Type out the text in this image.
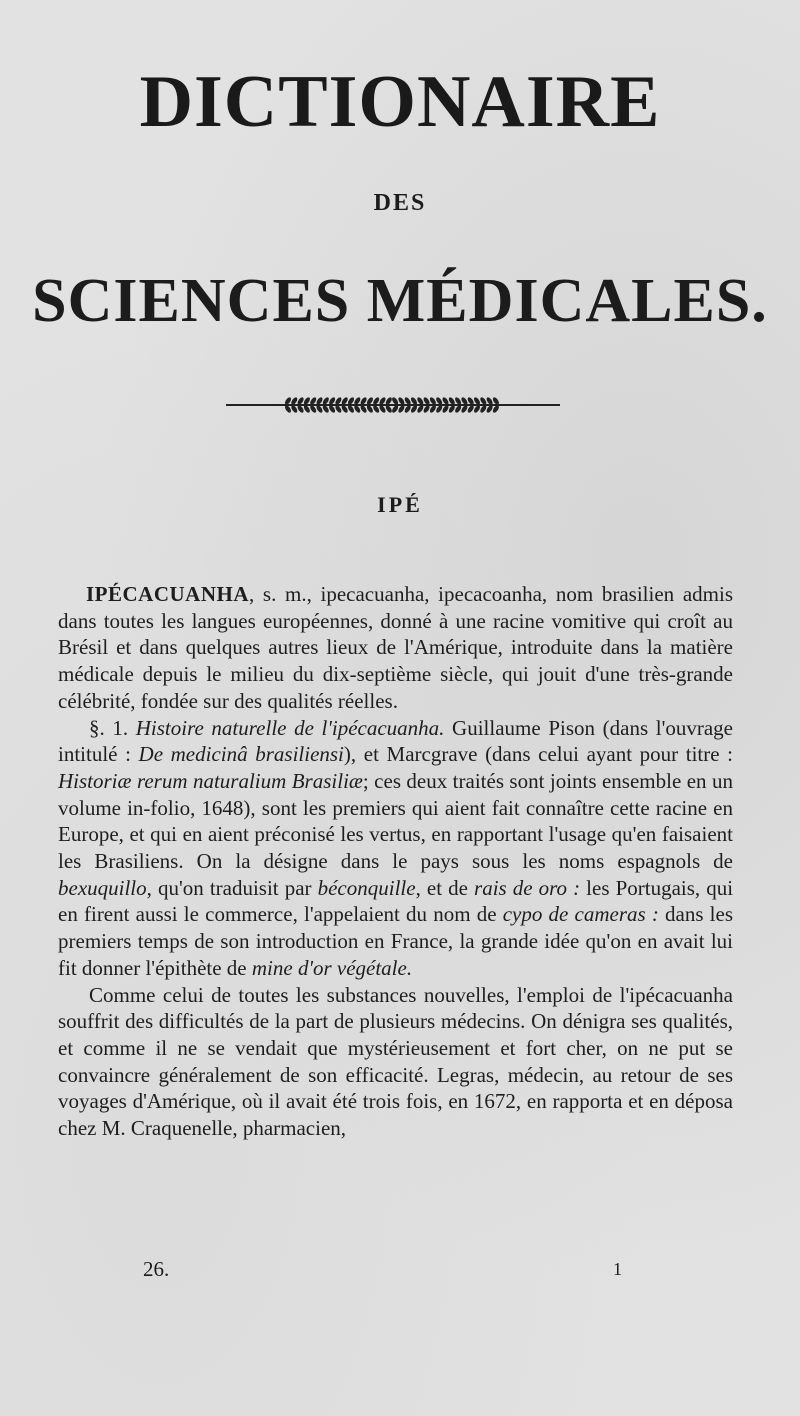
DICTIONAIRE
DES
SCIENCES MÉDICALES.
IPÉ

IPÉCACUANHA, s. m., ipecacuanha, ipecacoanha, nom brasilien admis dans toutes les langues européennes, donné à une racine vomitive qui croît au Brésil et dans quelques autres lieux de l'Amérique, introduite dans la matière médicale depuis le milieu du dix-septième siècle, qui jouit d'une très-grande célébrité, fondée sur des qualités réelles.

§. 1. Histoire naturelle de l'ipécacuanha. Guillaume Pison (dans l'ouvrage intitulé : De medicinâ brasiliensi), et Marcgrave (dans celui ayant pour titre : Historiæ rerum naturalium Brasiliæ; ces deux traités sont joints ensemble en un volume in-folio, 1648), sont les premiers qui aient fait connaître cette racine en Europe, et qui en aient préconisé les vertus, en rapportant l'usage qu'en faisaient les Brasiliens. On la désigne dans le pays sous les noms espagnols de bexuquillo, qu'on traduisit par béconquille, et de rais de oro : les Portugais, qui en firent aussi le commerce, l'appelaient du nom de cypo de cameras : dans les premiers temps de son introduction en France, la grande idée qu'on en avait lui fit donner l'épithète de mine d'or végétale.

Comme celui de toutes les substances nouvelles, l'emploi de l'ipécacuanha souffrit des difficultés de la part de plusieurs médecins. On dénigra ses qualités, et comme il ne se vendait que mystérieusement et fort cher, on ne put se convaincre généralement de son efficacité. Legras, médecin, au retour de ses voyages d'Amérique, où il avait été trois fois, en 1672, en rapporta et en déposa chez M. Craquenelle, pharmacien,

26.	1
